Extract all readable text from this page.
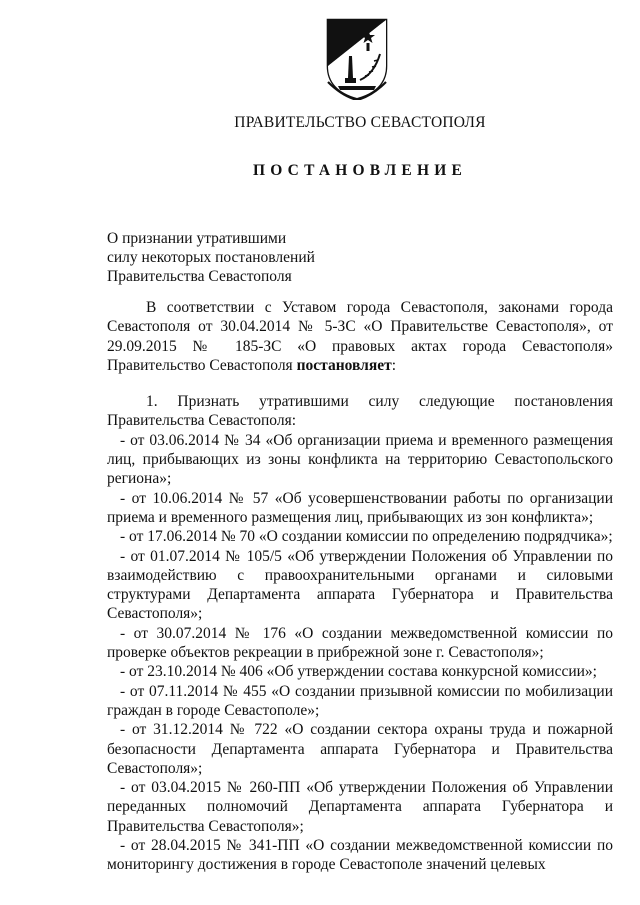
ПРАВИТЕЛЬСТВО СЕВАСТОПОЛЯ
ПОСТАНОВЛЕНИЕ
О признании утратившими
силу некоторых постановлений
Правительства Севастополя

В соответствии с Уставом города Севастополя, законами города Севастополя от 30.04.2014 № 5-ЗС «О Правительстве Севастополя», от 29.09.2015 № 185-ЗС «О правовых актах города Севастополя» Правительство Севастополя постановляет:

1. Признать утратившими силу следующие постановления Правительства Севастополя:

- от 03.06.2014 № 34 «Об организации приема и временного размещения лиц, прибывающих из зоны конфликта на территорию Севастопольского региона»;

- от 10.06.2014 № 57 «Об усовершенствовании работы по организации приема и временного размещения лиц, прибывающих из зон конфликта»;

- от 17.06.2014 № 70 «О создании комиссии по определению подрядчика»;

- от 01.07.2014 № 105/5 «Об утверждении Положения об Управлении по взаимодействию с правоохранительными органами и силовыми структурами Департамента аппарата Губернатора и Правительства Севастополя»;

- от 30.07.2014 № 176 «О создании межведомственной комиссии по проверке объектов рекреации в прибрежной зоне г. Севастополя»;

- от 23.10.2014 № 406 «Об утверждении состава конкурсной комиссии»;

- от 07.11.2014 № 455 «О создании призывной комиссии по мобилизации граждан в городе Севастополе»;

- от 31.12.2014 № 722 «О создании сектора охраны труда и пожарной безопасности Департамента аппарата Губернатора и Правительства Севастополя»;

- от 03.04.2015 № 260-ПП «Об утверждении Положения об Управлении переданных полномочий Департамента аппарата Губернатора и Правительства Севастополя»;

- от 28.04.2015 № 341-ПП «О создании межведомственной комиссии по мониторингу достижения в городе Севастополе значений целевых
